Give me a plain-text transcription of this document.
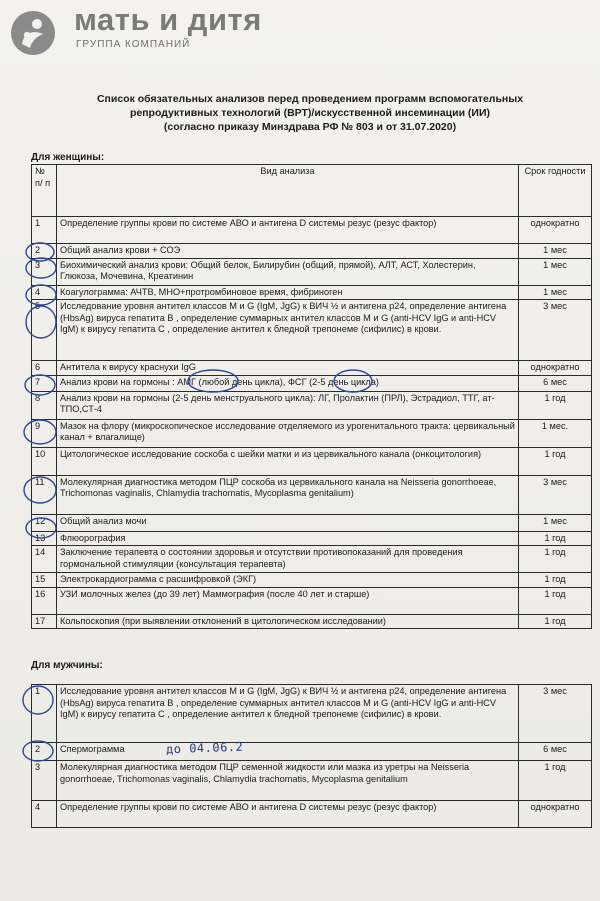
мать и дитя
ГРУППА КОМПАНИЙ
Список обязательных анализов перед проведением программ вспомогательных
репродуктивных технологий (ВРТ)/искусственной инсеминации (ИИ)
(согласно приказу Минздрава РФ № 803 и от 31.07.2020)
Для женщины:
№ п/ п	Вид анализа	Срок годности
1	Определение группы крови по системе АВО и антигена D системы резус (резус фактор)	однократно
2	Общий анализ крови + СОЭ	1 мес
3	Биохимический анализ крови: Общий белок, Билирубин (общий, прямой), АЛТ, АСТ, Холестерин, Глюкоза, Мочевина, Креатинин	1 мес
4	Коагулограмма: АЧТВ, МНО+протромбиновое время, фибриноген	1 мес
5	Исследование уровня антител классов M и G (IgM, JgG) к ВИЧ ½ и антигена p24, определение антигена (HbsAg) вируса гепатита В , определение суммарных антител классов M и G (anti-HCV IgG и anti-HCV IgM) к вирусу гепатита С , определение антител к бледной трепонеме (сифилис) в крови.	3 мес
6	Антитела к вирусу краснухи IgG	однократно
7	Анализ крови на гормоны : АМГ (любой день цикла), ФСГ (2-5 день цикла)	6 мес
8	Анализ крови на гормоны (2-5 день менструального цикла): ЛГ, Пролактин (ПРЛ), Эстрадиол, ТТГ, ат-ТПО,СТ-4	1 год
9	Мазок на флору (микроскопическое исследование отделяемого из урогенитального тракта: цервикальный канал + влагалище)	1 мес.
10	Цитологическое исследование соскоба с шейки матки и из цервикального канала (онкоцитология)	1 год
11	Молекулярная диагностика методом ПЦР соскоба из цервикального канала на Neisseria gonorrhoeae, Trichomonas vaginalis, Chlamydia trachomatis, Mycoplasma genitalium)	3 мес
12	Общий анализ мочи	1 мес
13	Флюорография	1 год
14	Заключение терапевта о состоянии здоровья и отсутствии противопоказаний для проведения гормональной стимуляции (консультация терапевта)	1 год
15	Электрокардиограмма с расшифровкой (ЭКГ)	1 год
16	УЗИ молочных желез (до 39 лет) Маммография (после 40 лет и старше)	1 год
17	Кольпоскопия (при выявлении отклонений в цитологическом исследовании)	1 год
Для мужчины:
1	Исследование уровня антител классов M и G (IgM, JgG) к ВИЧ ½ и антигена p24, определение антигена (HbsAg) вируса гепатита В , определение суммарных антител классов M и G (anti-HCV IgG и anti-HCV IgM) к вирусу гепатита С , определение антител к бледной трепонеме (сифилис) в крови.	3 мес
2	Спермограмма	6 мес
3	Молекулярная диагностика методом ПЦР семенной жидкости или мазка из уретры на Neisseria gonorrhoeae, Trichomonas vaginalis, Chlamydia trachomatis, Mycoplasma genitalium	1 год
4	Определение группы крови по системе АВО и антигена D системы резус (резус фактор)	однократно
до 04.06.2
